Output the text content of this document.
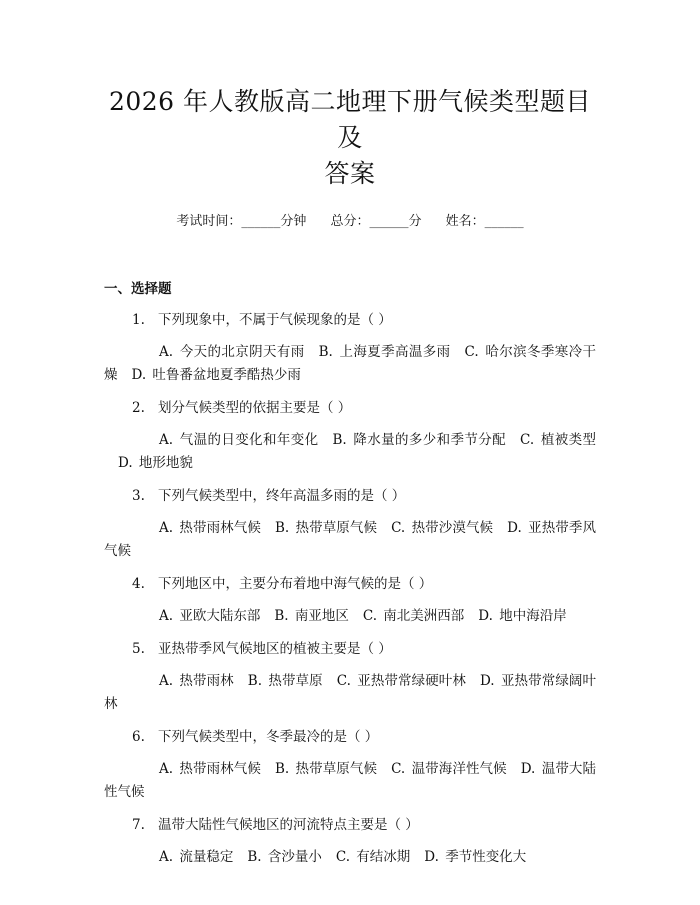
2026 年人教版高二地理下册气候类型题目及
答案
考试时间：______分钟 总分：______分 姓名：______
一、选择题
1. 下列现象中，不属于气候现象的是（ ）
A. 今天的北京阴天有雨 B. 上海夏季高温多雨 C. 哈尔滨冬季寒冷干燥 D. 吐鲁番盆地夏季酷热少雨
2. 划分气候类型的依据主要是（ ）
A. 气温的日变化和年变化 B. 降水量的多少和季节分配 C. 植被类型D. 地形地貌
3. 下列气候类型中，终年高温多雨的是（ ）
A. 热带雨林气候 B. 热带草原气候 C. 热带沙漠气候 D. 亚热带季风气候
4. 下列地区中，主要分布着地中海气候的是（ ）
A. 亚欧大陆东部 B. 南亚地区 C. 南北美洲西部 D. 地中海沿岸
5. 亚热带季风气候地区的植被主要是（ ）
A. 热带雨林 B. 热带草原 C. 亚热带常绿硬叶林 D. 亚热带常绿阔叶林
6. 下列气候类型中，冬季最冷的是（ ）
A. 热带雨林气候 B. 热带草原气候 C. 温带海洋性气候 D. 温带大陆性气候
7. 温带大陆性气候地区的河流特点主要是（ ）
A. 流量稳定 B. 含沙量小 C. 有结冰期 D. 季节性变化大
